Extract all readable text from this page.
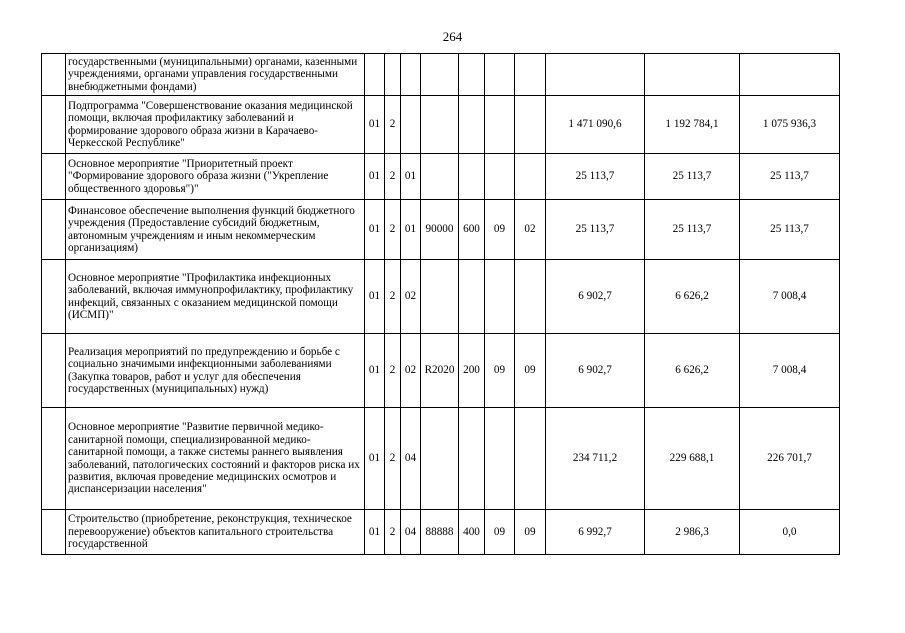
264
	государственными (муниципальными) органами, казенными учреждениями, органами управления государственными внебюджетными фондами)										
	Подпрограмма "Совершенствование оказания медицинской помощи, включая профилактику заболеваний и формирование здорового образа жизни в Карачаево-Черкесской Республике"	01	2						1 471 090,6	1 192 784,1	1 075 936,3
	Основное мероприятие "Приоритетный проект "Формирование здорового образа жизни ("Укрепление общественного здоровья")"	01	2	01					25 113,7	25 113,7	25 113,7
	Финансовое обеспечение выполнения функций бюджетного учреждения (Предоставление субсидий бюджетным, автономным учреждениям и иным некоммерческим организациям)	01	2	01	90000	600	09	02	25 113,7	25 113,7	25 113,7
	Основное мероприятие "Профилактика инфекционных заболеваний, включая иммунопрофилактику, профилактику инфекций, связанных с оказанием медицинской помощи (ИСМП)"	01	2	02					6 902,7	6 626,2	7 008,4
	Реализация мероприятий по предупреждению и борьбе с социально значимыми инфекционными заболеваниями (Закупка товаров, работ и услуг для обеспечения государственных (муниципальных) нужд)	01	2	02	R2020	200	09	09	6 902,7	6 626,2	7 008,4
	Основное мероприятие "Развитие первичной медико-санитарной помощи, специализированной медико-санитарной помощи, а также системы раннего выявления заболеваний, патологических состояний и факторов риска их развития, включая проведение медицинских осмотров и диспансеризации населения"	01	2	04					234 711,2	229 688,1	226 701,7
	Строительство (приобретение, реконструкция, техническое перевооружение) объектов капитального строительства государственной	01	2	04	88888	400	09	09	6 992,7	2 986,3	0,0
